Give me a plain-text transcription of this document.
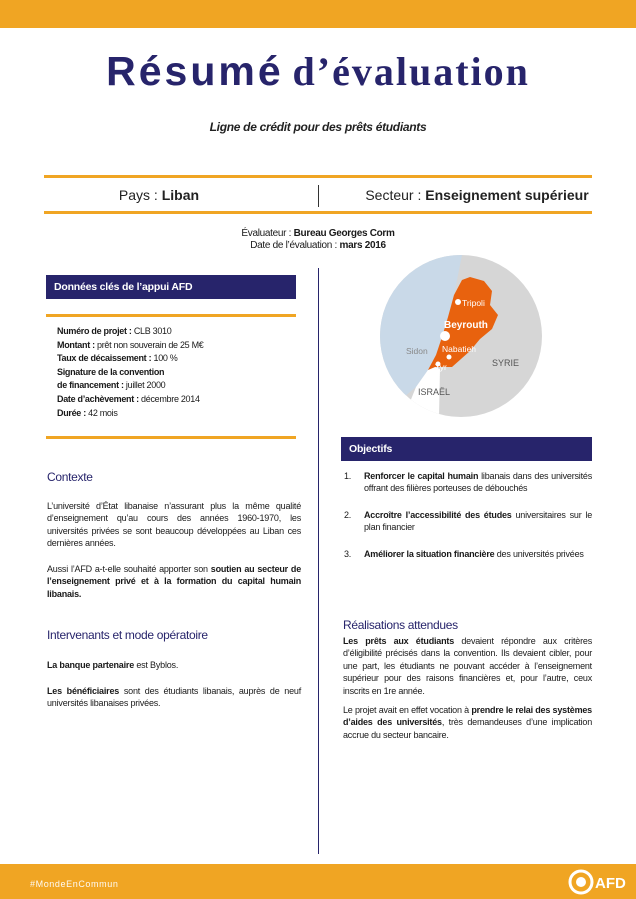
Résumé d’évaluation
Ligne de crédit pour des prêts étudiants
Pays : Liban	Secteur : Enseignement supérieur
Évaluateur : Bureau Georges Corm
Date de l’évaluation : mars 2016
Données clés de l’appui AFD
Numéro de projet : CLB 3010
Montant : prêt non souverain de 25 M€
Taux de décaissement : 100 %
Signature de la convention
de financement : juillet 2000
Date d’achèvement : décembre 2014
Durée : 42 mois
Contexte
L’université d’État libanaise n’assurant plus la même qualité d’enseignement qu’au cours des années 1960-1970, les universités privées se sont beaucoup développées au Liban ces dernières années.
Aussi l’AFD a-t-elle souhaité apporter son soutien au secteur de l’enseignement privé et à la formation du capital humain libanais.
Intervenants et mode opératoire
La banque partenaire est Byblos.
Les bénéficiaires sont des étudiants libanais, auprès de neuf universités libanaises privées.
Tripoli
Beyrouth
Sidon Nabatieh
Tyr	SYRIE
ISRAËL
Objectifs
1. Renforcer le capital humain libanais dans des universités offrant des filières porteuses de débouchés
2. Accroître l’accessibilité des études universitaires sur le plan financier
3. Améliorer la situation financière des universités privées
Réalisations attendues
Les prêts aux étudiants devaient répondre aux critères d’éligibilité précisés dans la convention. Ils devaient cibler, pour une part, les étudiants ne pouvant accéder à l’enseignement supérieur pour des raisons financières et, pour l’autre, ceux inscrits en 1re année.
Le projet avait en effet vocation à prendre le relai des systèmes d’aides des universités, très demandeuses d’une implication accrue du secteur bancaire.
#MondeEnCommun	AFD
